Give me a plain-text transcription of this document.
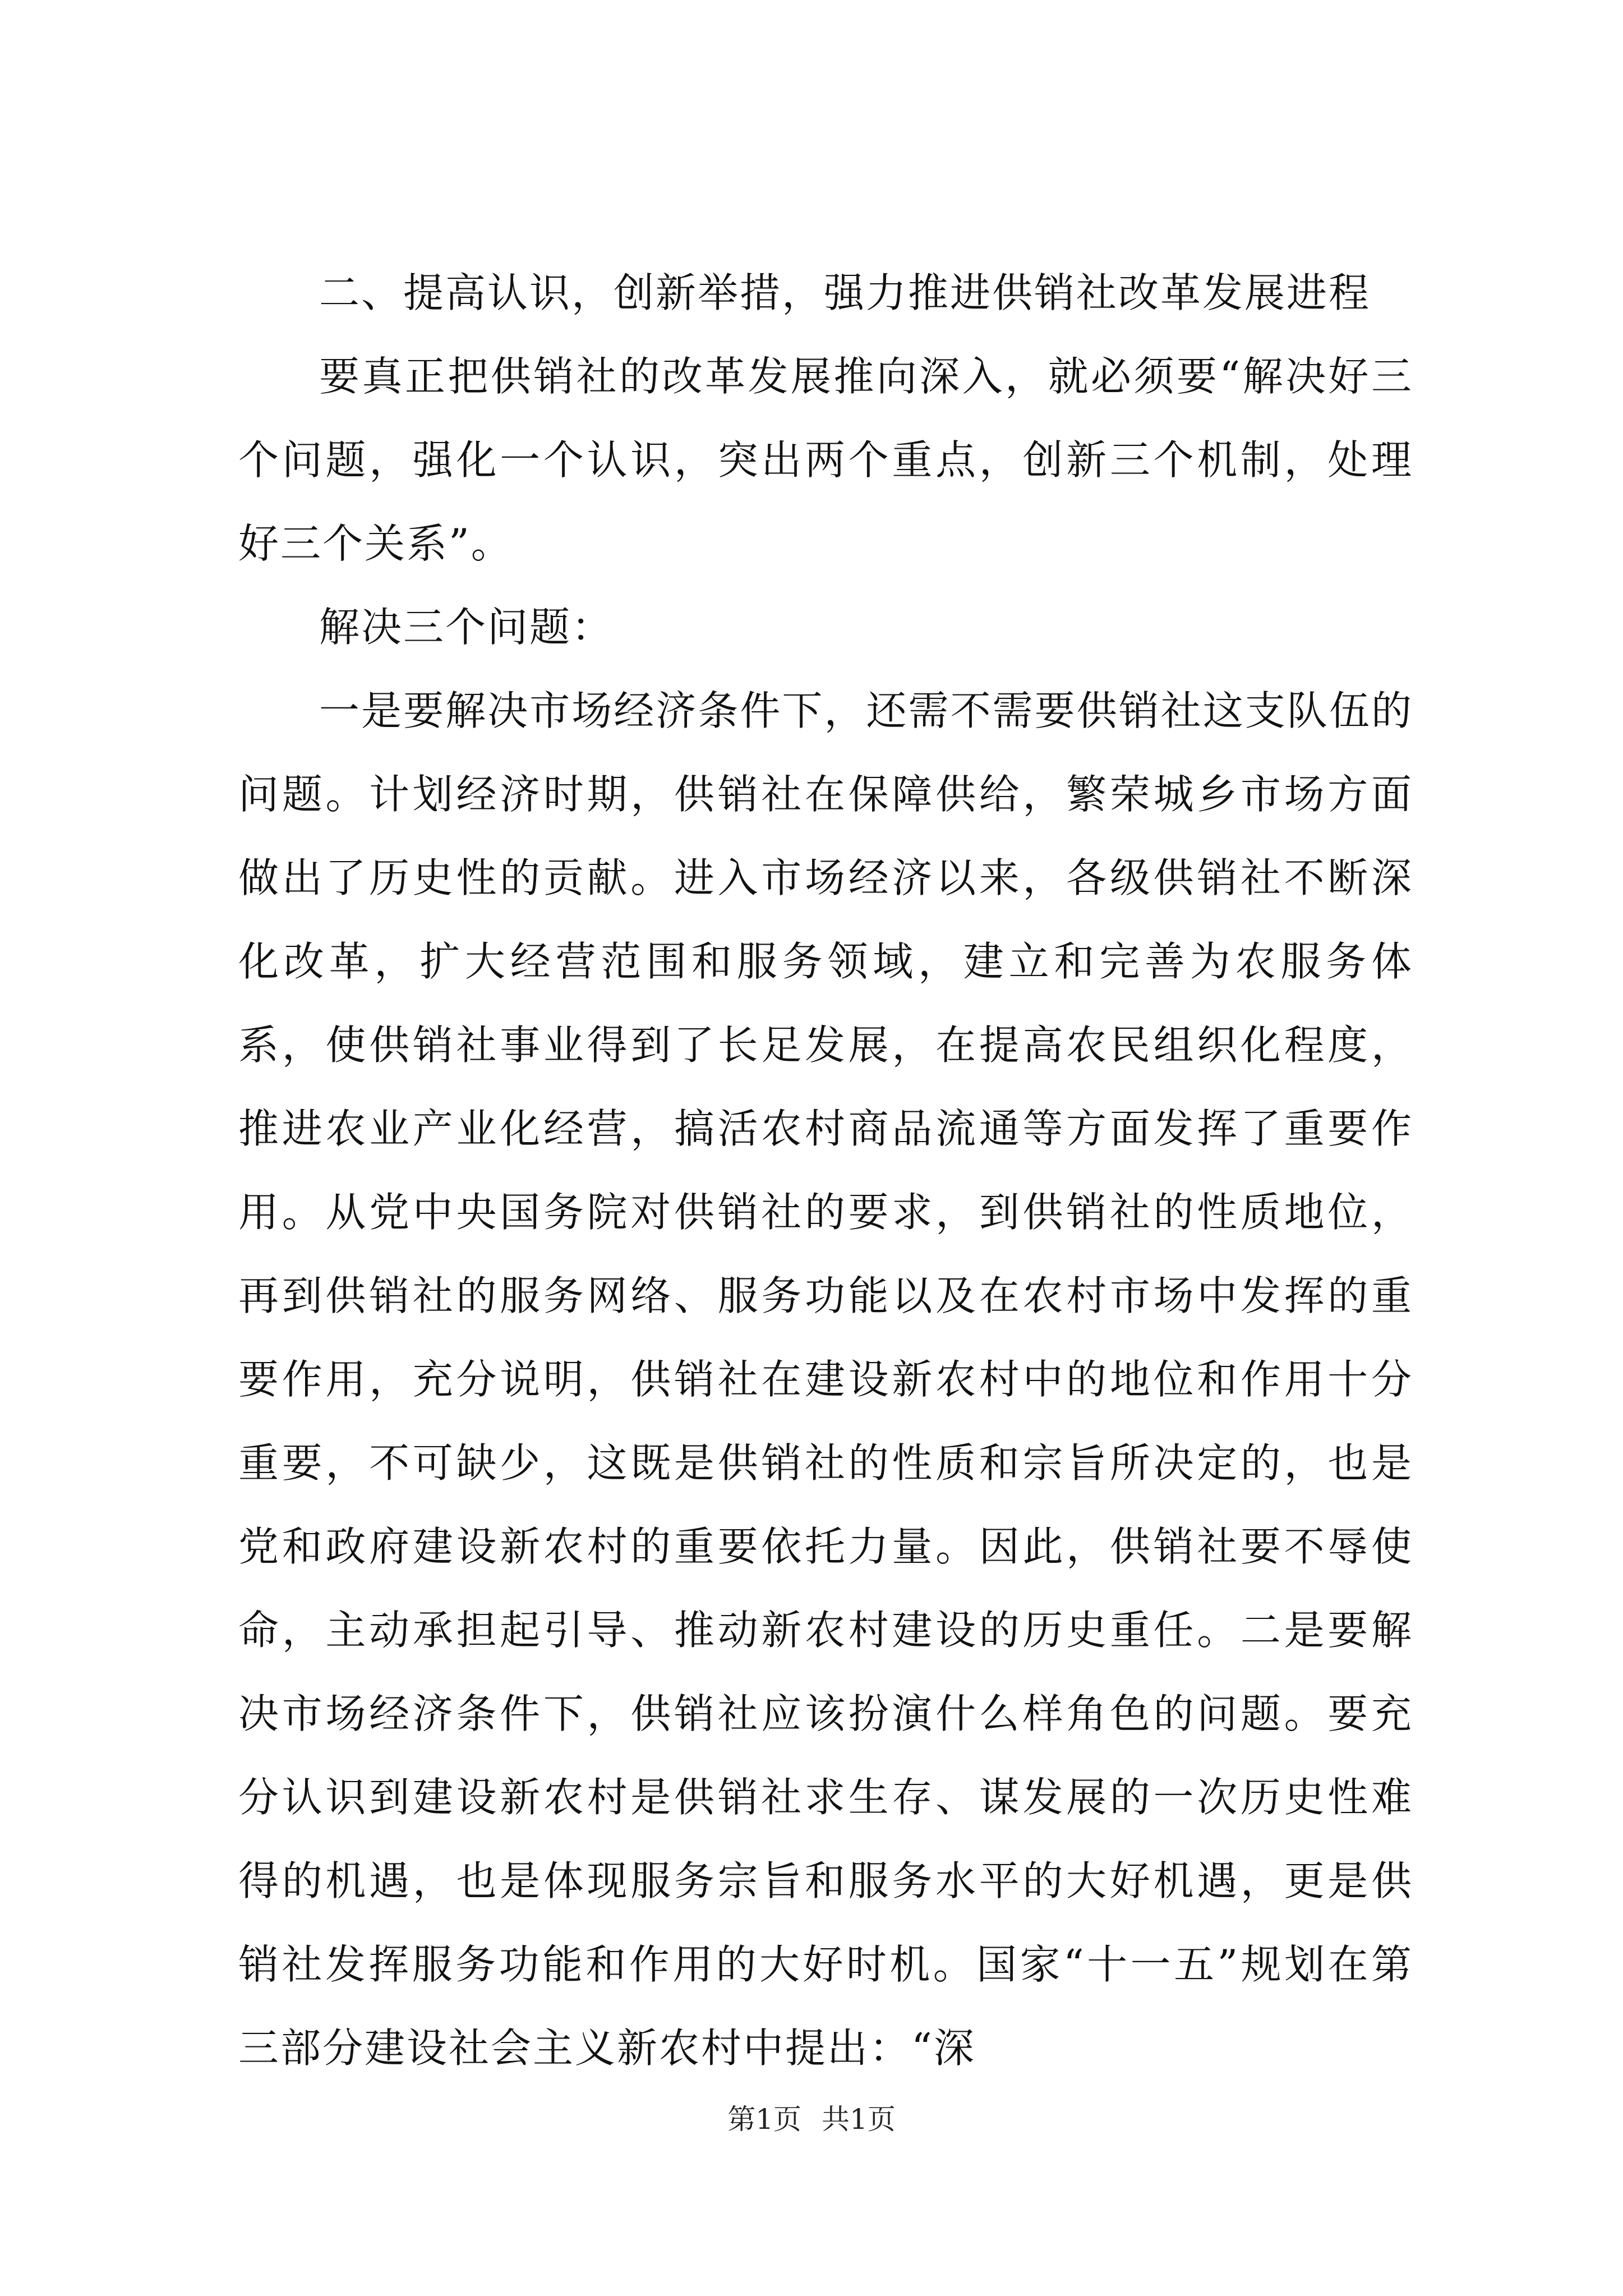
二、提高认识，创新举措，强力推进供销社改革发展进程

要真正把供销社的改革发展推向深入，就必须要“解决好三个问题，强化一个认识，突出两个重点，创新三个机制，处理好三个关系”。

解决三个问题：

一是要解决市场经济条件下，还需不需要供销社这支队伍的问题。计划经济时期，供销社在保障供给，繁荣城乡市场方面做出了历史性的贡献。进入市场经济以来，各级供销社不断深化改革，扩大经营范围和服务领域，建立和完善为农服务体系，使供销社事业得到了长足发展，在提高农民组织化程度，推进农业产业化经营，搞活农村商品流通等方面发挥了重要作用。从党中央国务院对供销社的要求，到供销社的性质地位，再到供销社的服务网络、服务功能以及在农村市场中发挥的重要作用，充分说明，供销社在建设新农村中的地位和作用十分重要，不可缺少，这既是供销社的性质和宗旨所决定的，也是党和政府建设新农村的重要依托力量。因此，供销社要不辱使命，主动承担起引导、推动新农村建设的历史重任。二是要解决市场经济条件下，供销社应该扮演什么样角色的问题。要充分认识到建设新农村是供销社求生存、谋发展的一次历史性难得的机遇，也是体现服务宗旨和服务水平的大好机遇，更是供销社发挥服务功能和作用的大好时机。国家“十一五”规划在第三部分建设社会主义新农村中提出：“深

第1页 共1页
